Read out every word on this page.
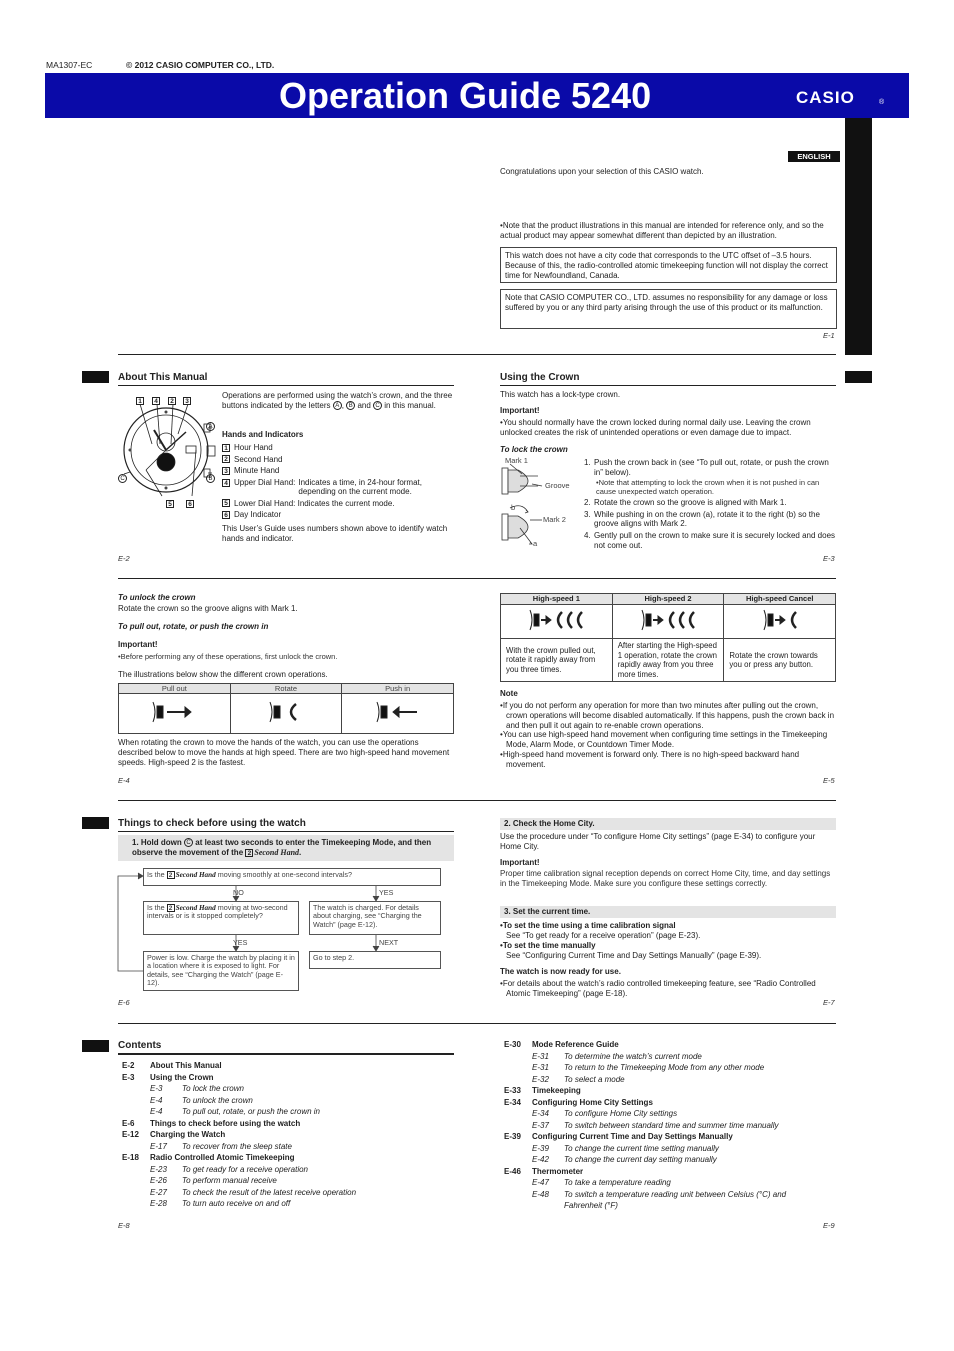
MA1307-EC	© 2012 CASIO COMPUTER CO., LTD.
Operation Guide 5240	CASIO	®
ENGLISH
Congratulations upon your selection of this CASIO watch.
• Note that the product illustrations in this manual are intended for reference only, and so the actual product may appear somewhat different than depicted by an illustration.
This watch does not have a city code that corresponds to the UTC offset of –3.5 hours. Because of this, the radio-controlled atomic timekeeping function will not display the correct time for Newfoundland, Canada.
Note that CASIO COMPUTER CO., LTD. assumes no responsibility for any damage or loss suffered by you or any third party arising through the use of this product or its malfunction.
E-1
About This Manual
1	4	2	3
5	6
A
B
C
Operations are performed using the watch’s crown, and the three buttons indicated by the letters A , B and C in this manual.
Hands and Indicators
1 Hour Hand
2 Second Hand
3 Minute Hand
4 Upper Dial Hand: Indicates a time, in 24-hour format, depending on the current mode.
5 Lower Dial Hand: Indicates the current mode.
6 Day Indicator
This User’s Guide uses numbers shown above to identify watch hands and indicator.
E-2
Using the Crown
This watch has a lock-type crown.
Important!
• You should normally have the crown locked during normal daily use. Leaving the crown unlocked creates the risk of unintended operations or even damage due to impact.
To lock the crown
Mark 1
Groove
b
Mark 2
a
1. Push the crown back in (see “To pull out, rotate, or push the crown in” below).
• Note that attempting to lock the crown when it is not pushed in can cause unexpected watch operation.
2. Rotate the crown so the groove is aligned with Mark 1.
3. While pushing in on the crown (a), rotate it to the right (b) so the groove aligns with Mark 2.
4. Gently pull on the crown to make sure it is securely locked and does not come out.
E-3
To unlock the crown
Rotate the crown so the groove aligns with Mark 1.
To pull out, rotate, or push the crown in
Important!
• Before performing any of these operations, first unlock the crown.
The illustrations below show the different crown operations.
Pull out	Rotate	Push in

When rotating the crown to move the hands of the watch, you can use the operations described below to move the hands at high speed. There are two high-speed hand movement speeds. High-speed 2 is the fastest.
E-4
High-speed 1	High-speed 2	High-speed Cancel

With the crown pulled out, rotate it rapidly away from you three times.	After starting the High-speed 1 operation, rotate the crown rapidly away from you three more times.	Rotate the crown towards you or press any button.
Note
• If you do not perform any operation for more than two minutes after pulling out the crown, crown operations will become disabled automatically. If this happens, push the crown back in and then pull it out again to re-enable crown operations.
• You can use high-speed hand movement when configuring time settings in the Timekeeping Mode, Alarm Mode, or Countdown Timer Mode.
• High-speed hand movement is forward only. There is no high-speed backward hand movement.
E-5
Things to check before using the watch
1. Hold down C at least two seconds to enter the Timekeeping Mode, and then observe the movement of the 2 Second Hand.
Is the 2 Second Hand moving smoothly at one-second intervals?
NO	YES
Is the 2 Second Hand moving at two-second intervals or is it stopped completely?
The watch is charged. For details about charging, see “Charging the Watch” (page E-12).
YES	NEXT
Power is low. Charge the watch by placing it in a location where it is exposed to light. For details, see “Charging the Watch” (page E-12).
Go to step 2.
E-6
2. Check the Home City.
Use the procedure under “To configure Home City settings” (page E-34) to configure your Home City.
Important!
Proper time calibration signal reception depends on correct Home City, time, and day settings in the Timekeeping Mode. Make sure you configure these settings correctly.
3. Set the current time.
• To set the time using a time calibration signal
See “To get ready for a receive operation” (page E-23).
• To set the time manually
See “Configuring Current Time and Day Settings Manually” (page E-39).
The watch is now ready for use.
• For details about the watch’s radio controlled timekeeping feature, see “Radio Controlled Atomic Timekeeping” (page E-18).
E-7
Contents
E-2 About This Manual
E-3 Using the Crown
E-3 To lock the crown
E-4 To unlock the crown
E-4 To pull out, rotate, or push the crown in
E-6 Things to check before using the watch
E-12 Charging the Watch
E-17 To recover from the sleep state
E-18 Radio Controlled Atomic Timekeeping
E-23 To get ready for a receive operation
E-26 To perform manual receive
E-27 To check the result of the latest receive operation
E-28 To turn auto receive on and off
E-30 Mode Reference Guide
E-31 To determine the watch’s current mode
E-31 To return to the Timekeeping Mode from any other mode
E-32 To select a mode
E-33 Timekeeping
E-34 Configuring Home City Settings
E-34 To configure Home City settings
E-37 To switch between standard time and summer time manually
E-39 Configuring Current Time and Day Settings Manually
E-39 To change the current time setting manually
E-42 To change the current day setting manually
E-46 Thermometer
E-47 To take a temperature reading
E-48 To switch a temperature reading unit between Celsius (°C) and
Fahrenheit (°F)
E-8	E-9
